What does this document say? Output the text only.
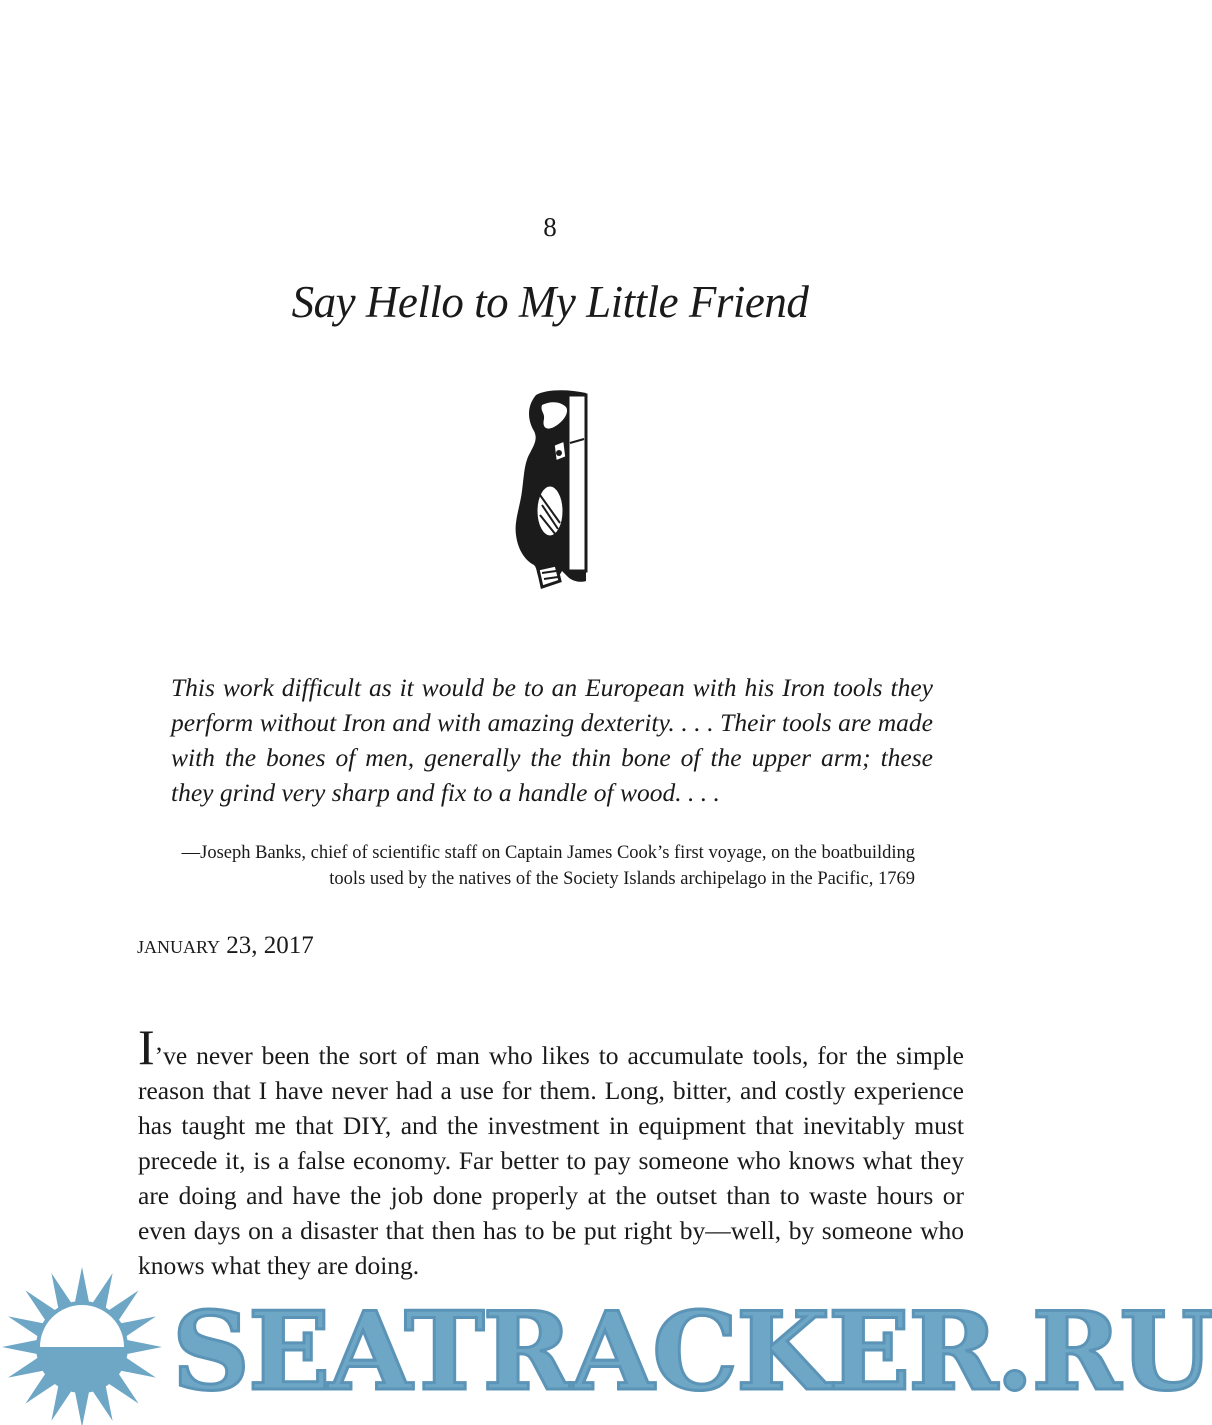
8
Say Hello to My Little Friend
This work difficult as it would be to an European with his Iron tools they perform without Iron and with amazing dexterity. . . . Their tools are made with the bones of men, generally the thin bone of the upper arm; these they grind very sharp and fix to a handle of wood. . . .
—Joseph Banks, chief of scientific staff on Captain James Cook’s first voyage, on the boatbuilding
tools used by the natives of the Society Islands archipelago in the Pacific, 1769
january 23, 2017
I’ve never been the sort of man who likes to accumulate tools, for the simple reason that I have never had a use for them. Long, bitter, and costly experience has taught me that DIY, and the investment in equipment that inevitably must precede it, is a false economy. Far better to pay someone who knows what they are doing and have the job done properly at the outset than to waste hours or even days on a disaster that then has to be put right by—well, by someone who knows what they are doing.
SEATRACKER.RU
